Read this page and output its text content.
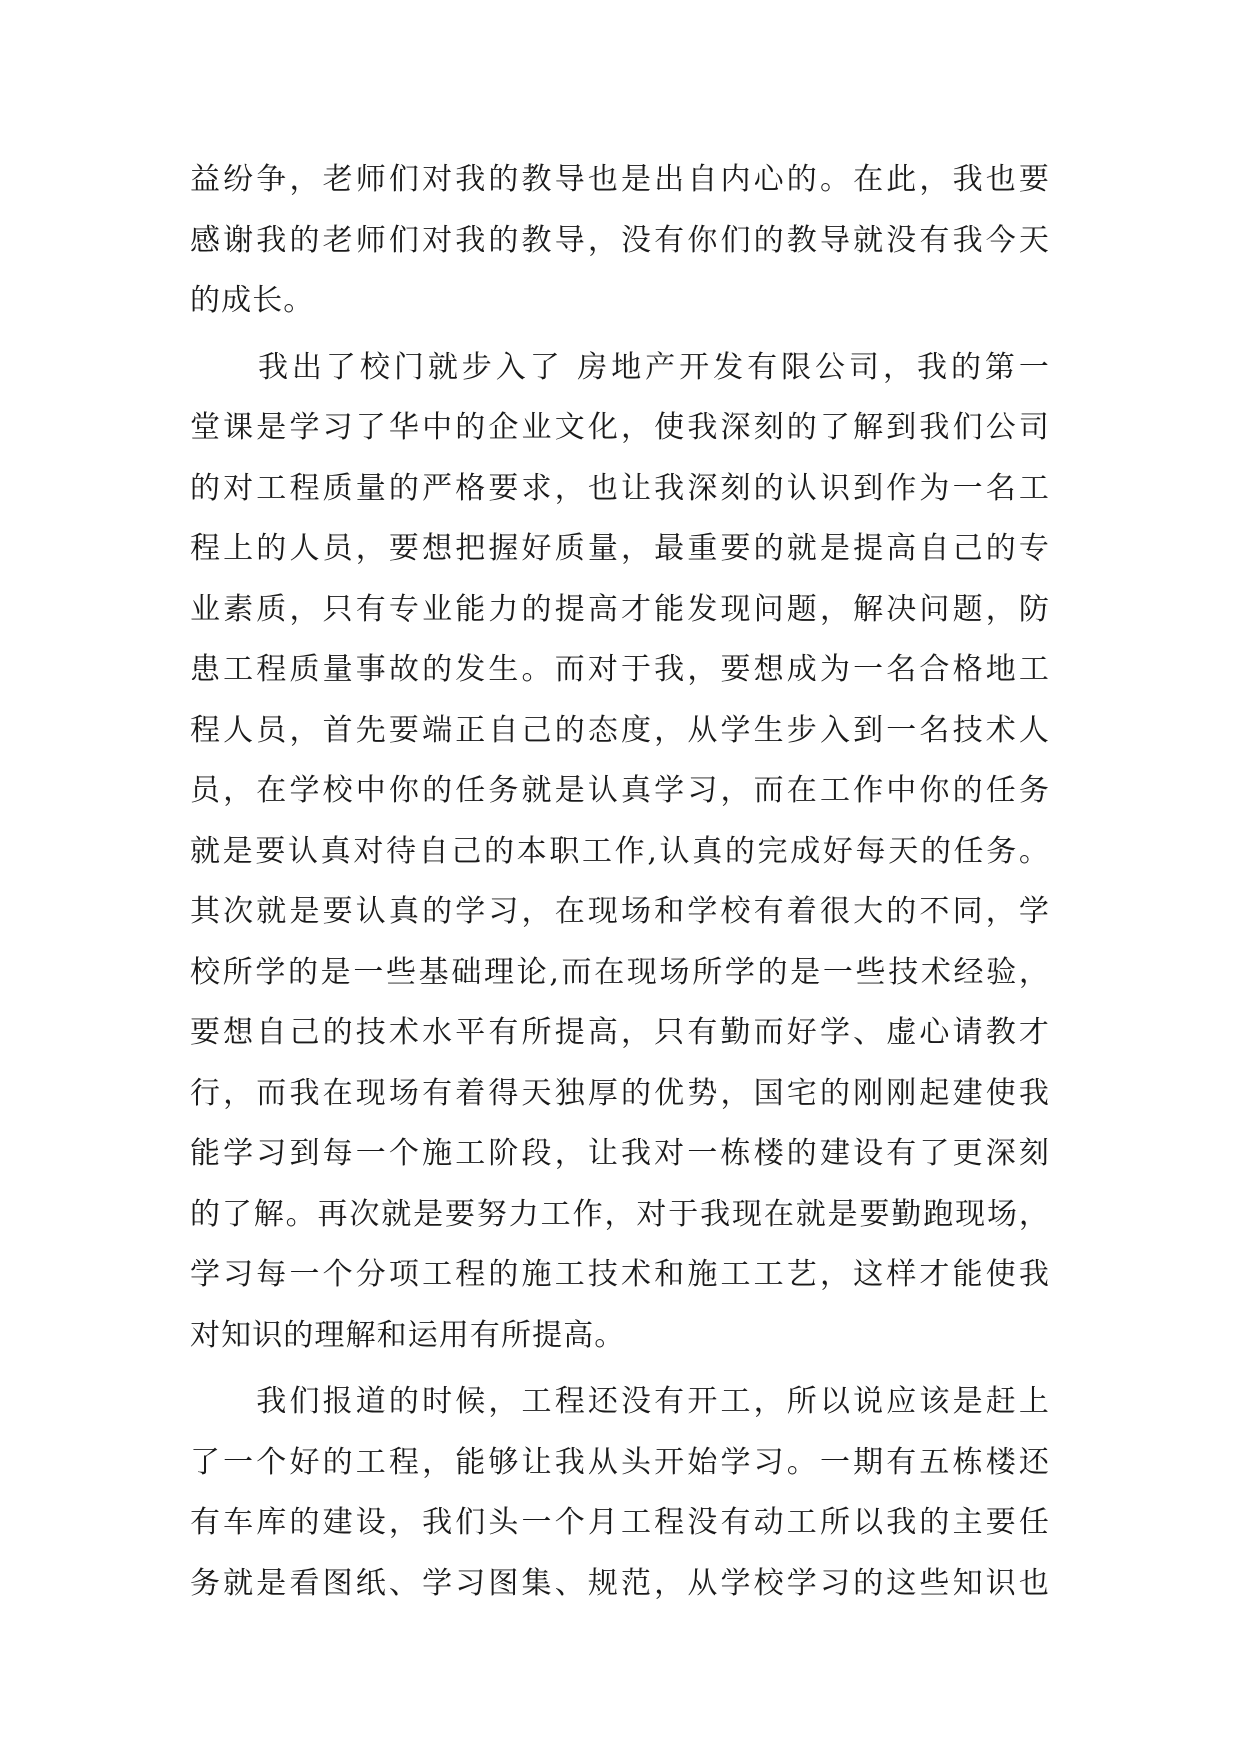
益纷争，老师们对我的教导也是出自内心的。在此，我也要
感谢我的老师们对我的教导，没有你们的教导就没有我今天
的成长。
　　我出了校门就步入了 房地产开发有限公司，我的第一
堂课是学习了华中的企业文化，使我深刻的了解到我们公司
的对工程质量的严格要求，也让我深刻的认识到作为一名工
程上的人员，要想把握好质量，最重要的就是提高自己的专
业素质，只有专业能力的提高才能发现问题，解决问题，防
患工程质量事故的发生。而对于我，要想成为一名合格地工
程人员，首先要端正自己的态度，从学生步入到一名技术人
员，在学校中你的任务就是认真学习，而在工作中你的任务
就是要认真对待自己的本职工作,认真的完成好每天的任务。
其次就是要认真的学习，在现场和学校有着很大的不同，学
校所学的是一些基础理论,而在现场所学的是一些技术经验，
要想自己的技术水平有所提高，只有勤而好学、虚心请教才
行，而我在现场有着得天独厚的优势，国宅的刚刚起建使我
能学习到每一个施工阶段，让我对一栋楼的建设有了更深刻
的了解。再次就是要努力工作，对于我现在就是要勤跑现场，
学习每一个分项工程的施工技术和施工工艺，这样才能使我
对知识的理解和运用有所提高。
　　我们报道的时候，工程还没有开工，所以说应该是赶上
了一个好的工程，能够让我从头开始学习。一期有五栋楼还
有车库的建设，我们头一个月工程没有动工所以我的主要任
务就是看图纸、学习图集、规范，从学校学习的这些知识也
